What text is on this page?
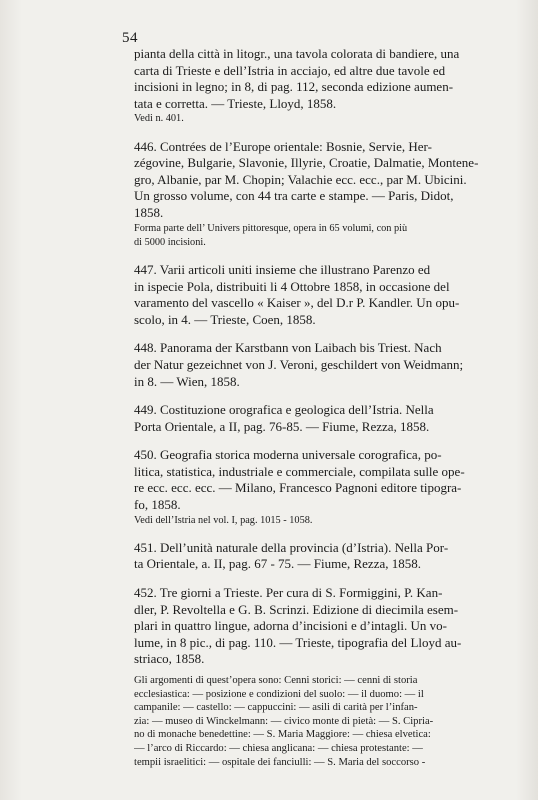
54
pianta della città in litogr., una tavola colorata di bandiere, una
carta di Trieste e dell’Istria in acciajo, ed altre due tavole ed
incisioni in legno; in 8, di pag. 112, seconda edizione aumen-
tata e corretta. — Trieste, Lloyd, 1858.
Vedi n. 401.
446. Contrées de l’Europe orientale: Bosnie, Servie, Her-
zégovine, Bulgarie, Slavonie, Illyrie, Croatie, Dalmatie, Montene-
gro, Albanie, par M. Chopin; Valachie ecc. ecc., par M. Ubicini.
Un grosso volume, con 44 tra carte e stampe. — Paris, Didot,
1858.
Forma parte dell’ Univers pittoresque, opera in 65 volumi, con più
di 5000 incisioni.
447. Varii articoli uniti insieme che illustrano Parenzo ed
in ispecie Pola, distribuiti li 4 Ottobre 1858, in occasione del
varamento del vascello « Kaiser », del D.r P. Kandler. Un opu-
scolo, in 4. — Trieste, Coen, 1858.
448. Panorama der Karstbann von Laibach bis Triest. Nach
der Natur gezeichnet von J. Veroni, geschildert von Weidmann;
in 8. — Wien, 1858.
449. Costituzione orografica e geologica dell’Istria. Nella
Porta Orientale, a II, pag. 76-85. — Fiume, Rezza, 1858.
450. Geografia storica moderna universale corografica, po-
litica, statistica, industriale e commerciale, compilata sulle ope-
re ecc. ecc. ecc. — Milano, Francesco Pagnoni editore tipogra-
fo, 1858.
Vedi dell’Istria nel vol. I, pag. 1015 - 1058.
451. Dell’unità naturale della provincia (d’Istria). Nella Por-
ta Orientale, a. II, pag. 67 - 75. — Fiume, Rezza, 1858.
452. Tre giorni a Trieste. Per cura di S. Formiggini, P. Kan-
dler, P. Revoltella e G. B. Scrinzi. Edizione di diecimila esem-
plari in quattro lingue, adorna d’incisioni e d’intagli. Un vo-
lume, in 8 pic., di pag. 110. — Trieste, tipografia del Lloyd au-
striaco, 1858.
Gli argomenti di quest’opera sono: Cenni storici: — cenni di storia
ecclesiastica: — posizione e condizioni del suolo: — il duomo: — il
campanile: — castello: — cappuccini: — asili di carità per l’infan-
zia: — museo di Winckelmann: — civico monte di pietà: — S. Cipria-
no di monache benedettine: — S. Maria Maggiore: — chiesa elvetica:
— l’arco di Riccardo: — chiesa anglicana: — chiesa protestante: —
tempii israelitici: — ospitale dei fanciulli: — S. Maria del soccorso -
